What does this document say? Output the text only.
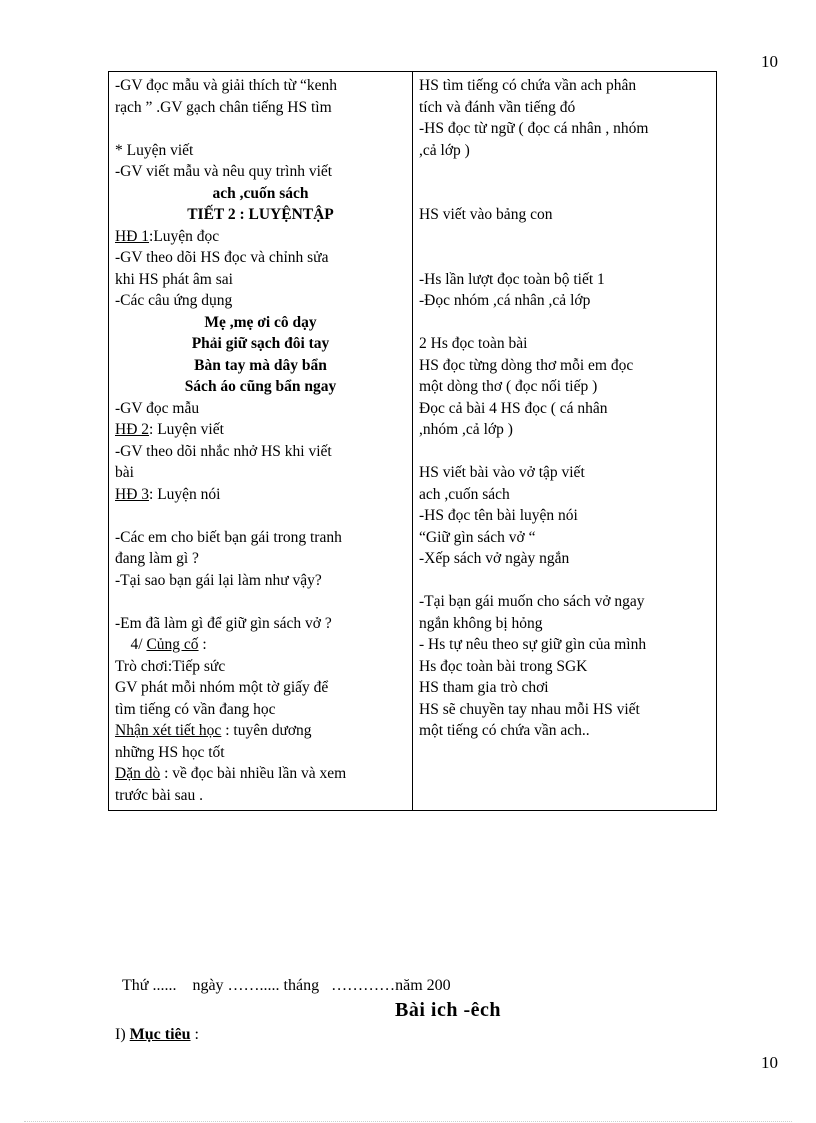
10
-GV đọc mẫu và giải thích từ “kenh
rạch ” .GV gạch chân tiếng HS tìm
* Luyện viết
-GV viết mẫu và nêu quy trình viết
ach ,cuốn sách
TIẾT 2 : LUYỆNTẬP
HĐ 1:Luyện đọc
-GV theo dõi HS đọc và chỉnh sửa
khi HS phát âm sai
-Các câu ứng dụng
Mẹ ,mẹ ơi cô dạy
Phải giữ sạch đôi tay
Bàn tay mà dây bẩn
Sách áo cũng bẩn ngay
-GV đọc mẫu
HĐ 2: Luyện viết
-GV theo dõi nhắc nhở HS khi viết
bài
HĐ 3: Luyện nói
-Các em cho biết bạn gái trong tranh
đang làm gì ?
-Tại sao bạn gái lại làm như vậy?
-Em đã làm gì để giữ gìn sách vở ?
4/ Củng cố :
Trò chơi:Tiếp sức
GV phát mỗi nhóm một tờ giấy để
tìm tiếng có vần đang học
Nhận xét tiết học : tuyên dương
những HS học tốt
Dặn dò : về đọc bài nhiều lần và xem
trước bài sau .

HS tìm tiếng có chứa vần ach phân
tích và đánh vần tiếng đó
-HS đọc từ ngữ ( đọc cá nhân , nhóm
,cả lớp )
HS viết vào bảng con
-Hs lần lượt đọc toàn bộ tiết 1
-Đọc nhóm ,cá nhân ,cả lớp
2 Hs đọc toàn bài
HS đọc từng dòng thơ mỗi em đọc
một dòng thơ ( đọc nối tiếp )
Đọc cả bài 4 HS đọc ( cá nhân
,nhóm ,cả lớp )
HS viết bài vào vở tập viết
ach ,cuốn sách
-HS đọc tên bài luyện nói
“Giữ gìn sách vở “
-Xếp sách vở ngày ngắn
-Tại bạn gái muốn cho sách vở ngay
ngắn không bị hỏng
- Hs tự nêu theo sự giữ gìn của mình
Hs đọc toàn bài trong SGK
HS tham gia trò chơi
HS sẽ chuyền tay nhau mỗi HS viết
một tiếng có chứa vần ach..
Thứ ......    ngày ……..... tháng   …………năm 200
Bài ich -êch
I) Mục tiêu :
10
